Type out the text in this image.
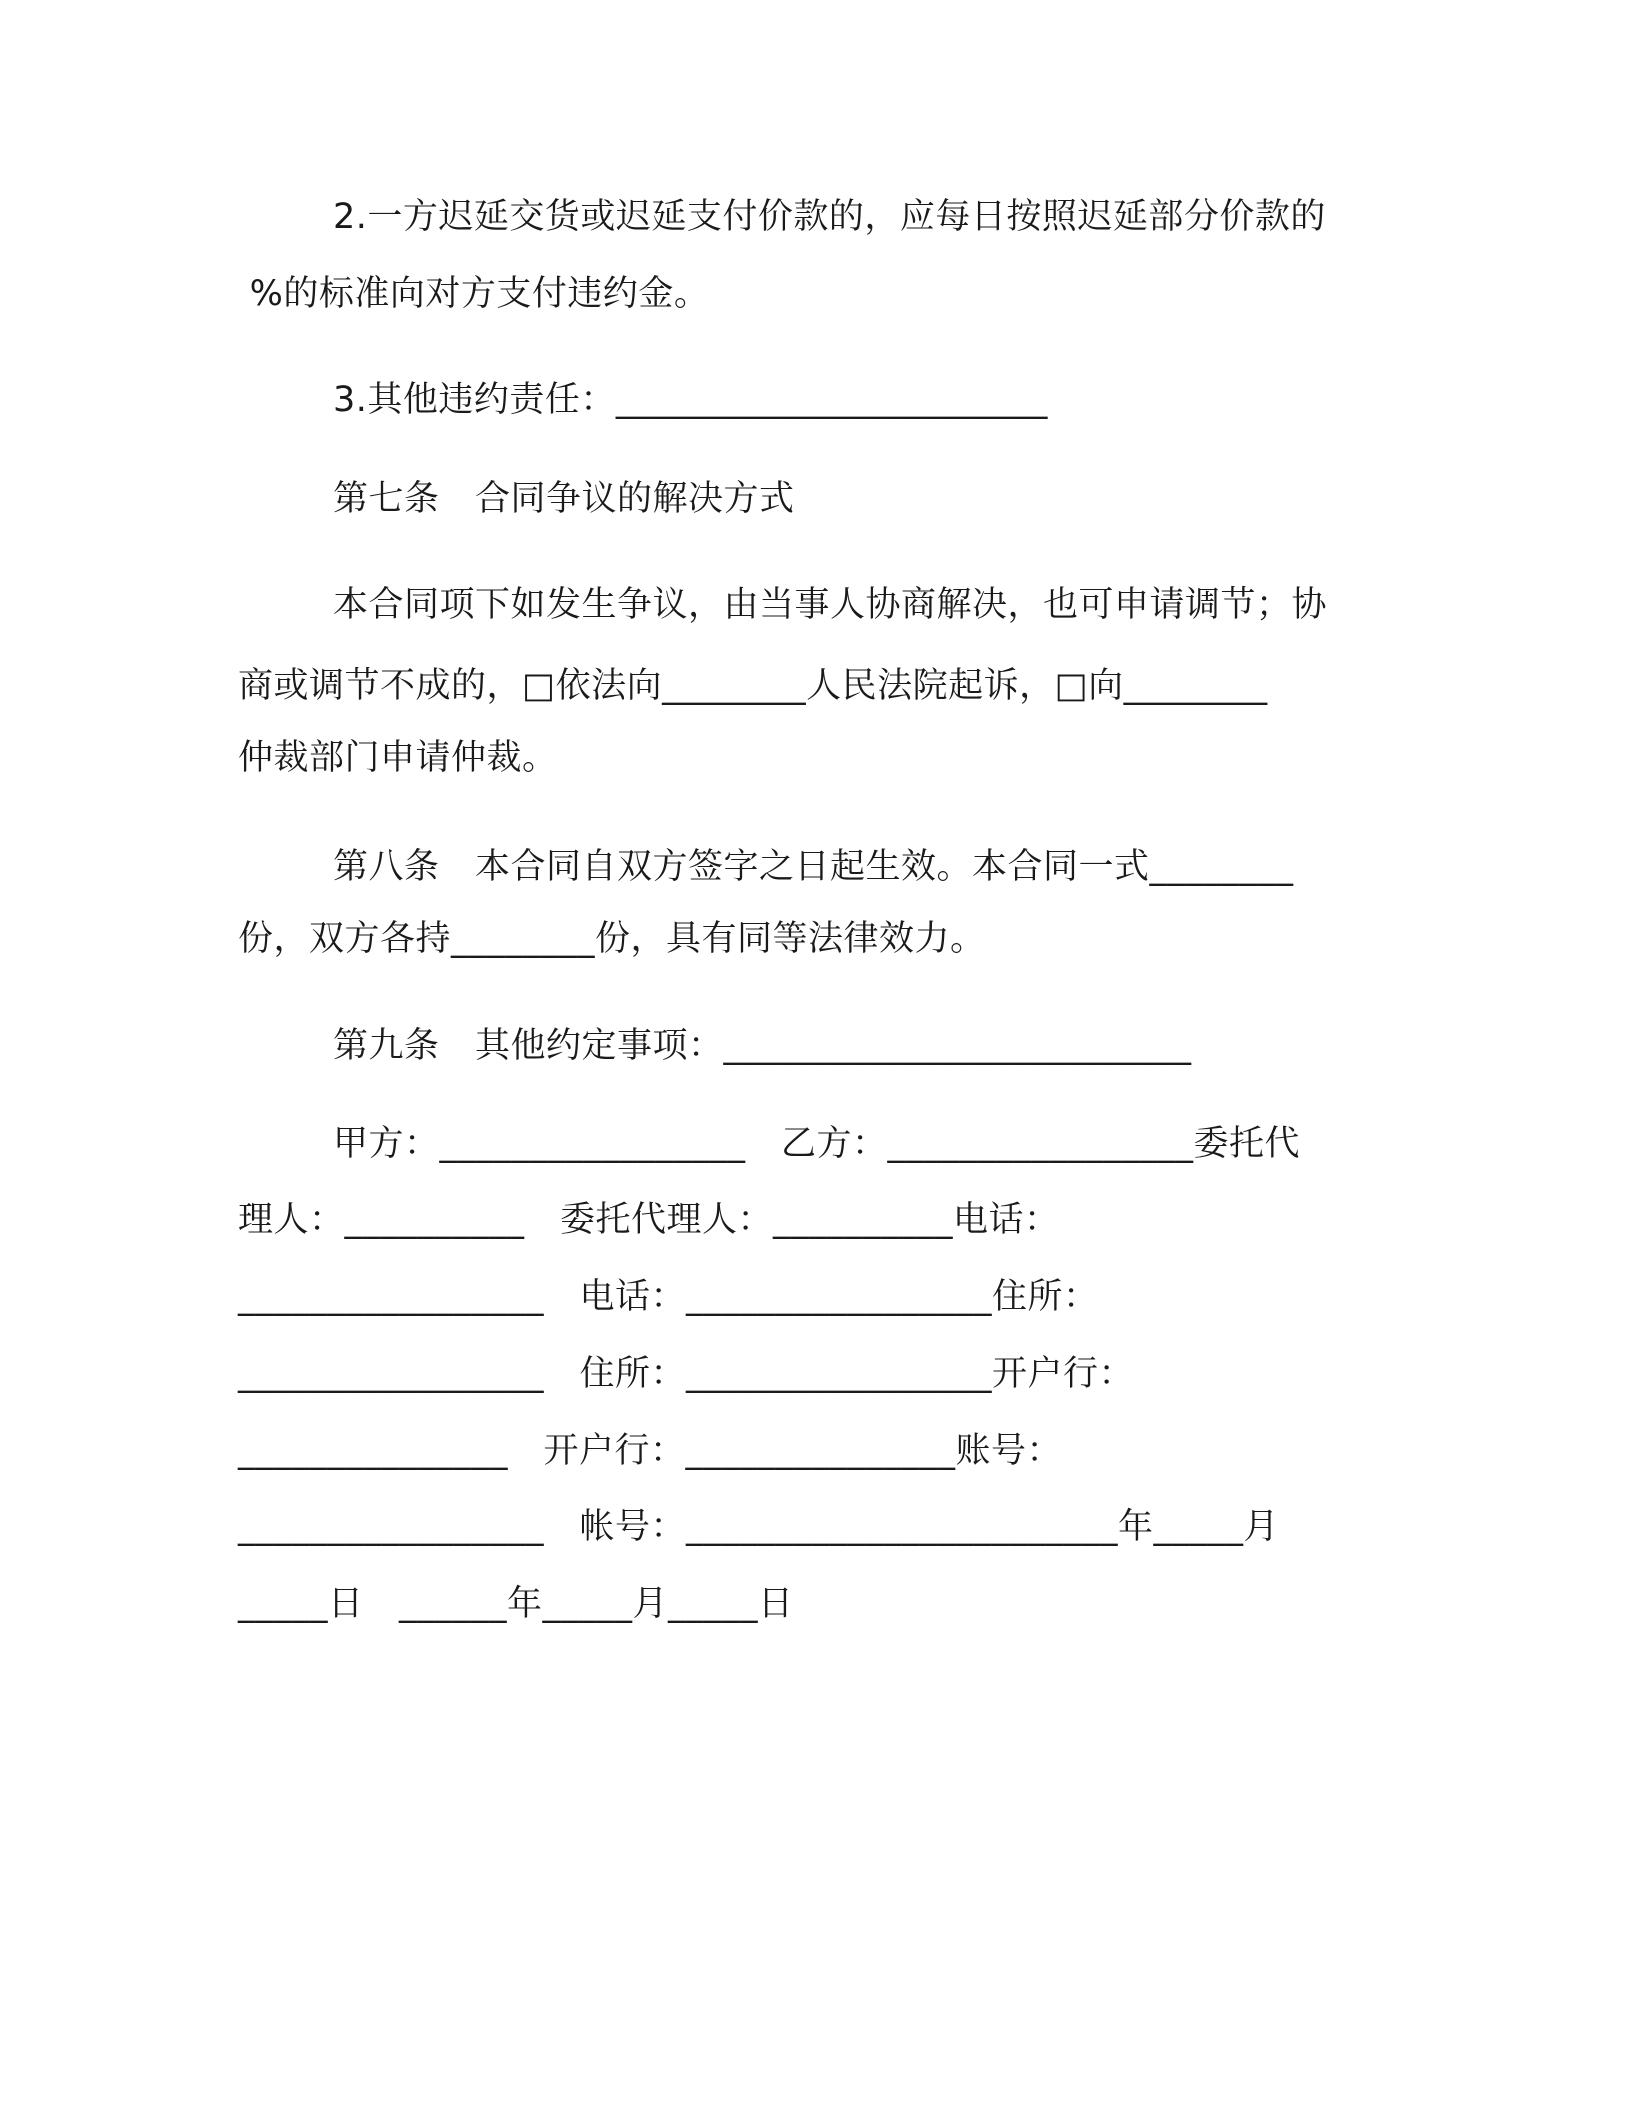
2.一方迟延交货或迟延支付价款的，应每日按照迟延部分价款的
%的标准向对方支付违约金。
3.其他违约责任：________________________
第七条　合同争议的解决方式
本合同项下如发生争议，由当事人协商解决，也可申请调节；协
商或调节不成的，□依法向________人民法院起诉，□向________
仲裁部门申请仲裁。
第八条　本合同自双方签字之日起生效。本合同一式________
份，双方各持________份，具有同等法律效力。
第九条　其他约定事项：__________________________
甲方：_________________　乙方：_________________委托代
理人：__________　委托代理人：__________电话：
_________________　电话：_________________住所：
_________________　住所：_________________开户行：
_______________　开户行：_______________账号：
_________________　帐号：________________________年_____月
_____日　______年_____月_____日
